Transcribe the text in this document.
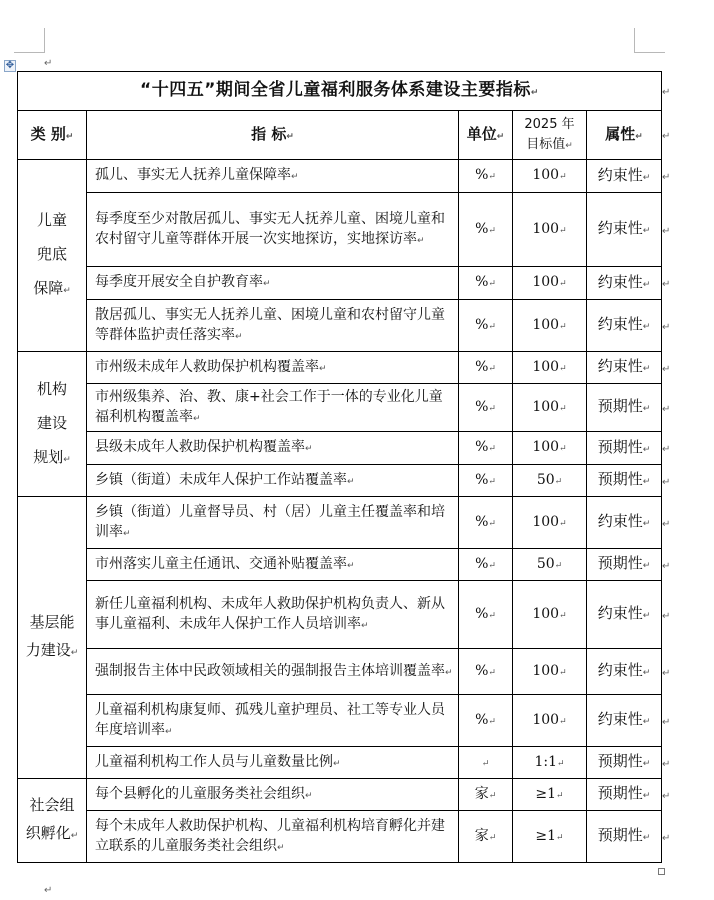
✥	↵
↵
“十四五”期间全省儿童福利服务体系建设主要指标↵				
类 别↵	指 标↵	单位↵	2025 年
目标值↵	属性↵
儿童
兜底
保障↵	孤儿、事实无人抚养儿童保障率↵	%↵	100↵	约束性↵
	每季度至少对散居孤儿、事实无人抚养儿童、困境儿童和农村留守儿童等群体开展一次实地探访，实地探访率↵	%↵	100↵	约束性↵
	每季度开展安全自护教育率↵	%↵	100↵	约束性↵
	散居孤儿、事实无人抚养儿童、困境儿童和农村留守儿童等群体监护责任落实率↵	%↵	100↵	约束性↵
机构
建设
规划↵	市州级未成年人救助保护机构覆盖率↵	%↵	100↵	约束性↵
	市州级集养、治、教、康+社会工作于一体的专业化儿童福利机构覆盖率↵	%↵	100↵	预期性↵
	县级未成年人救助保护机构覆盖率↵	%↵	100↵	预期性↵
	乡镇（街道）未成年人保护工作站覆盖率↵	%↵	50↵	预期性↵
基层能
力建设↵	乡镇（街道）儿童督导员、村（居）儿童主任覆盖率和培训率↵	%↵	100↵	约束性↵
	市州落实儿童主任通讯、交通补贴覆盖率↵	%↵	50↵	预期性↵
	新任儿童福利机构、未成年人救助保护机构负责人、新从事儿童福利、未成年人保护工作人员培训率↵	%↵	100↵	约束性↵
	强制报告主体中民政领域相关的强制报告主体培训覆盖率↵	%↵	100↵	约束性↵
	儿童福利机构康复师、孤残儿童护理员、社工等专业人员年度培训率↵	%↵	100↵	约束性↵
	儿童福利机构工作人员与儿童数量比例↵	↵	1:1↵	预期性↵
社会组
织孵化↵	每个县孵化的儿童服务类社会组织↵	家↵	≥1↵	预期性↵
	每个未成年人救助保护机构、儿童福利机构培育孵化并建立联系的儿童服务类社会组织↵	家↵	≥1↵	预期性↵
↵
↵
↵
↵
↵
↵
↵
↵
↵
↵
↵
↵
↵
↵
↵
↵
↵
↵
